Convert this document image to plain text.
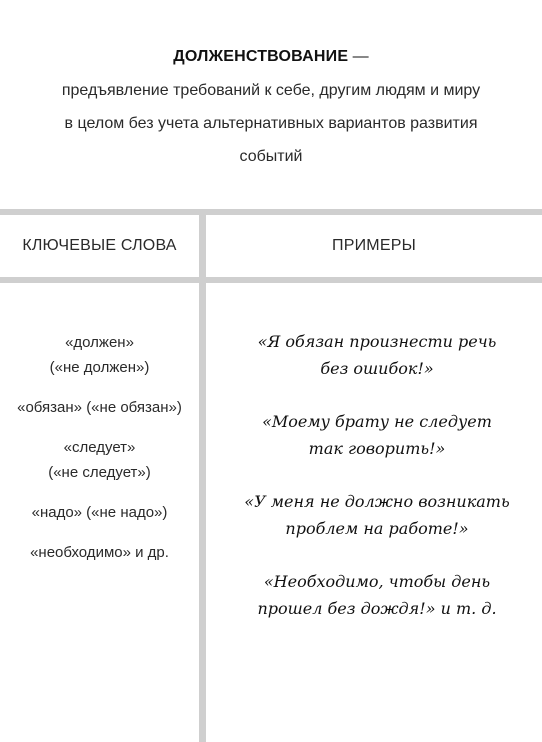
ДОЛЖЕНСТВОВАНИЕ —
предъявление требований к себе, другим людям и миру
в целом без учета альтернативных вариантов развития
событий
КЛЮЧЕВЫЕ СЛОВА	ПРИМЕРЫ
«должен»
(«не должен»)
«обязан» («не обязан»)
«следует»
(«не следует»)
«надо» («не надо»)
«необходимо» и др.
«Я обязан произнести речь
без ошибок!»
«Моему брату не следует
так говорить!»
«У меня не должно возникать
проблем на работе!»
«Необходимо, чтобы день
прошел без дождя!» и т. д.
